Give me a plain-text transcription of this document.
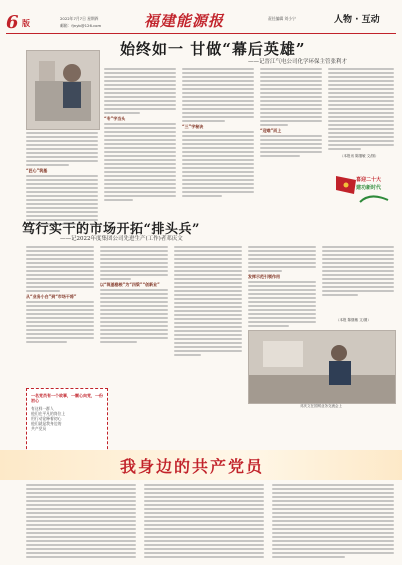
6 版	2022年7月7日 星期四
邮箱：fjnyb@126.com	福建能源报	责任编辑 刘小宁	人物 · 互动
始终如一 甘做“幕后英雄”
——记晋江气电公司化学环保主管张利才
“匠心”筑基
“专”字当头
“三”字秘诀
“迎难”而上
（本报讯 陈继敏 文/图）
喜迎二十大
建功新时代
笃行实干的市场开拓“排头兵”
——记2022年度集团公司先进生产(工作)者邓庆文
从“业务小白”到“市场干将”
以“筑基稳根”为“四梁”“创新业”
发挥示范引领作用
（本报 陈继敏 文/图）
邓庆文在国网业务交流会上
一名党员有一个故事，一颗心向党，一份初心
有这样一群人
他们在平凡的岗位上
用行动诠释着初心
他们就是我身边的
共产党员
我身边的共产党员
